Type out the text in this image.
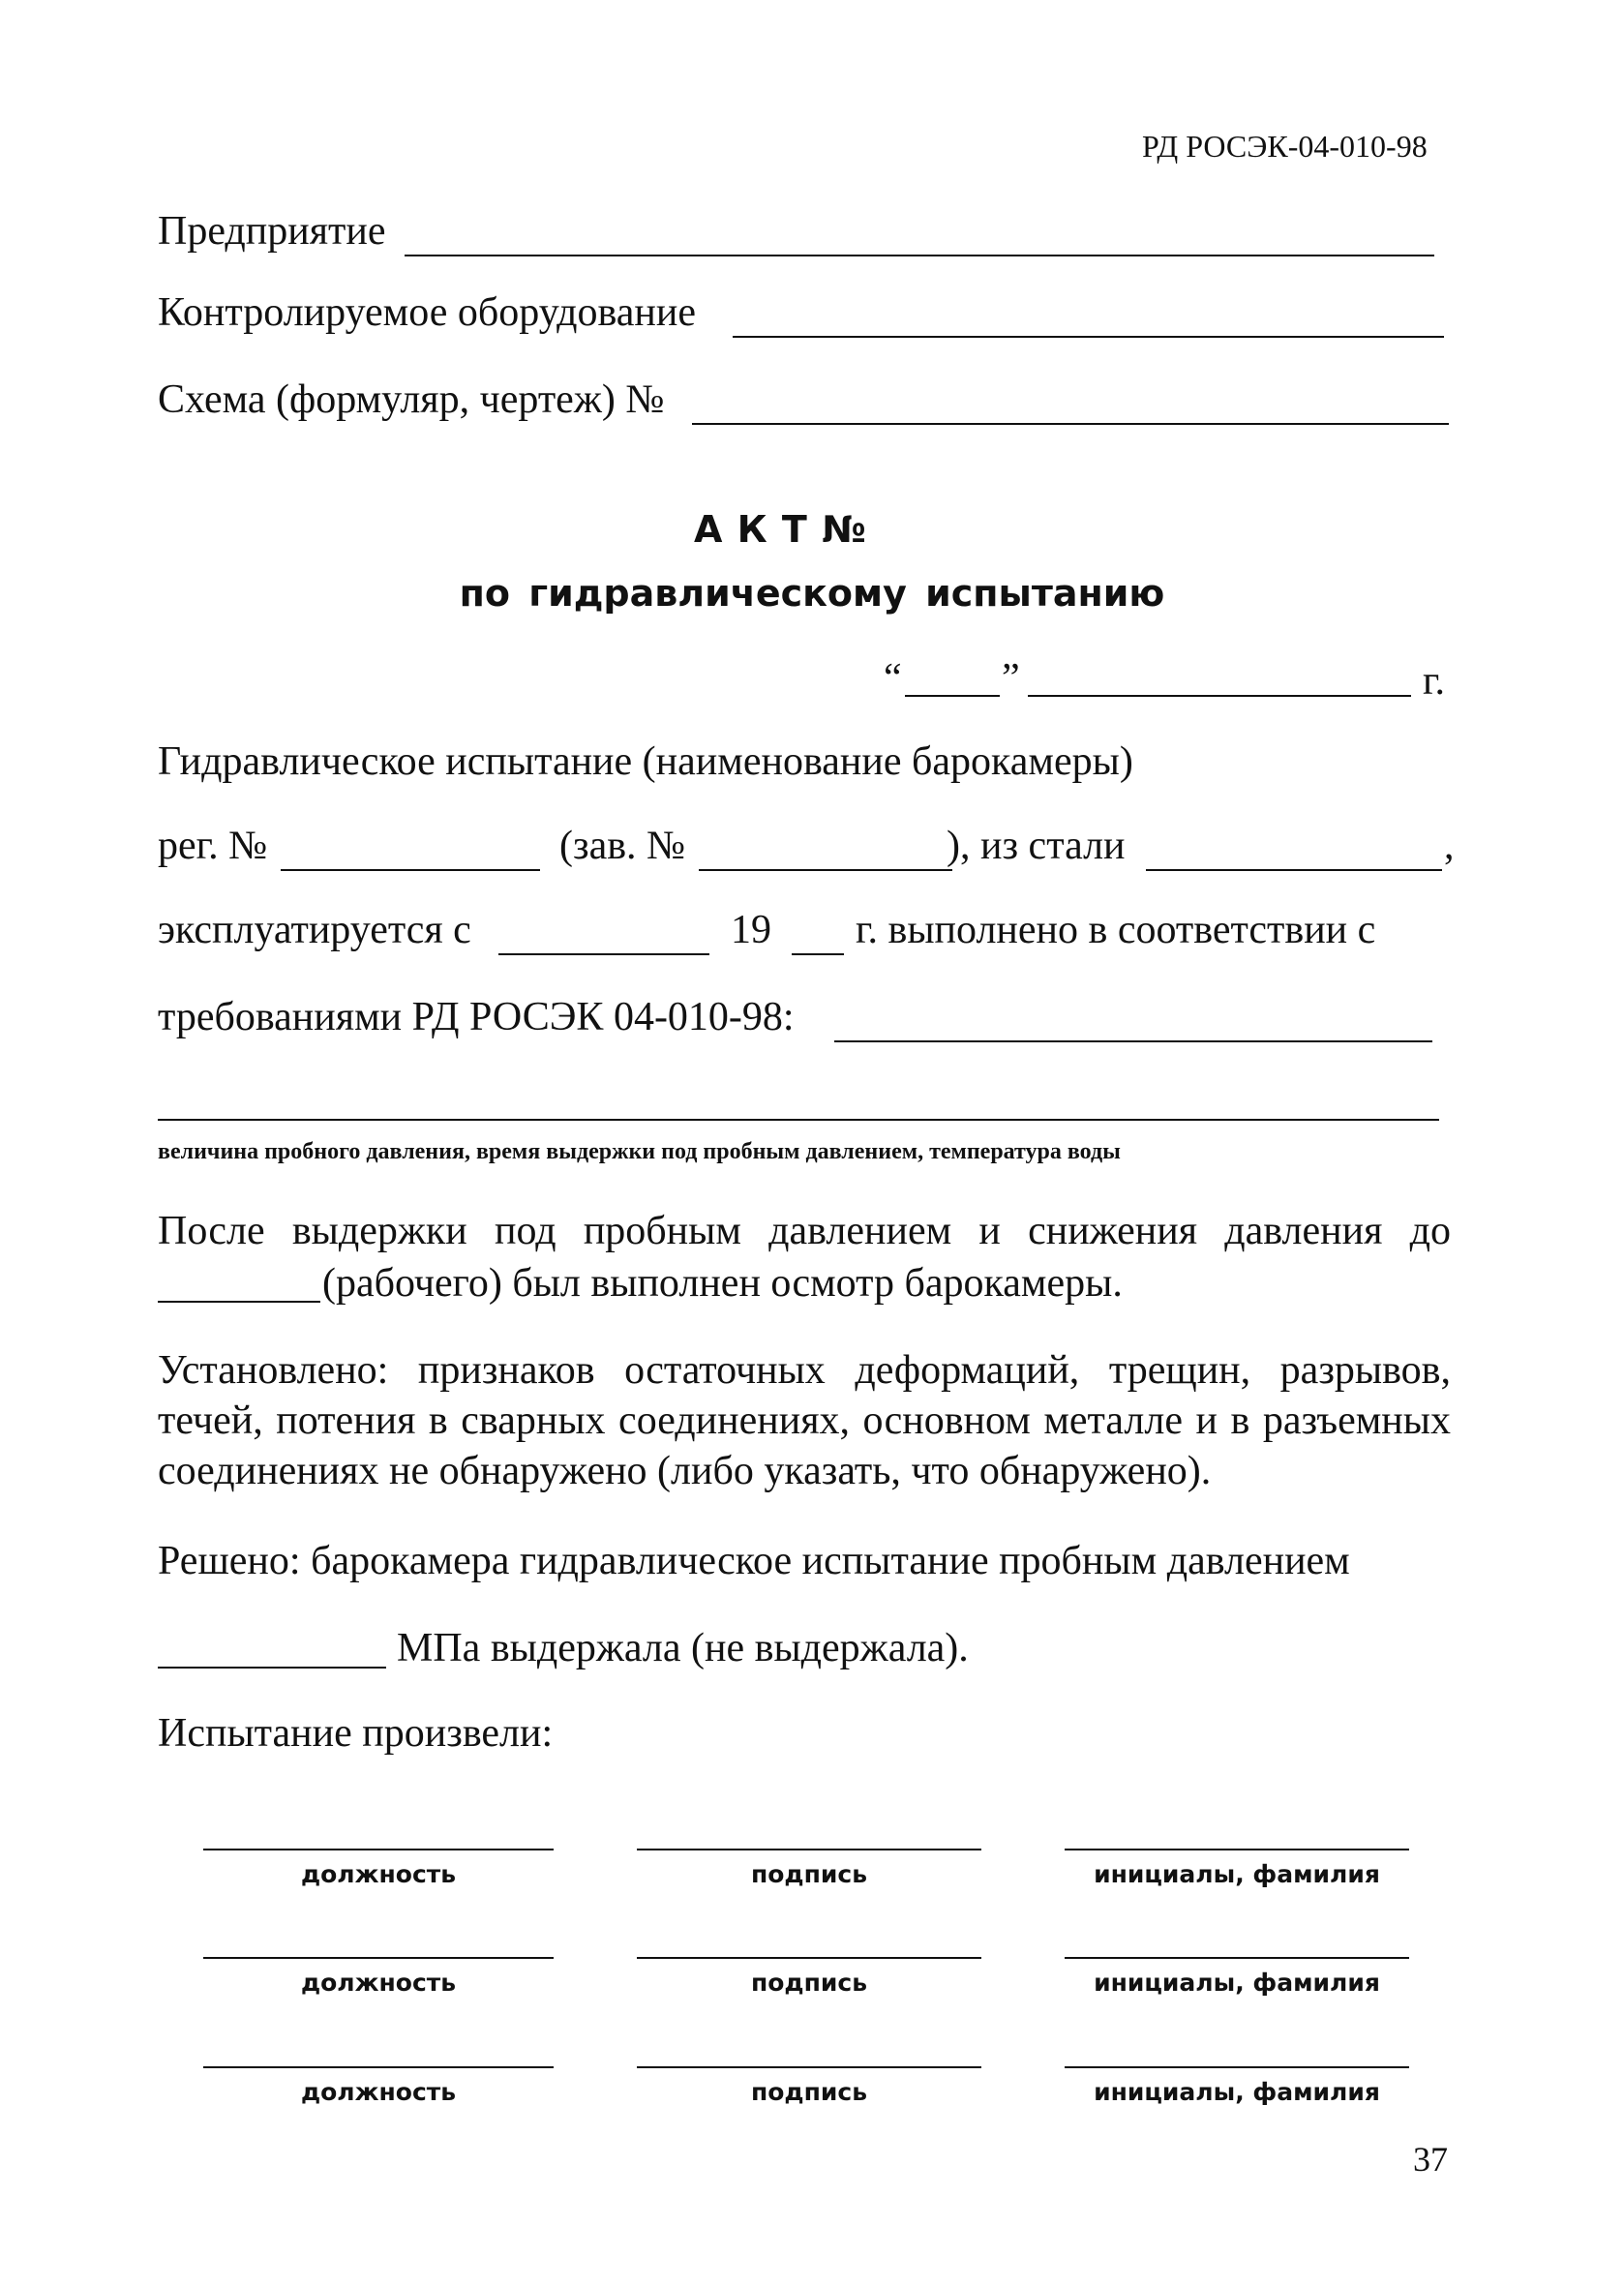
РД РОСЭК-04-010-98
Предприятие
Контролируемое оборудование
Схема (формуляр, чертеж) №
А К Т №
по гидравлическому испытанию
“ ”	г.
Гидравлическое испытание (наименование барокамеры)
рег. №	(зав. №	), из стали	,
эксплуатируется с	19 г. выполнено в соответствии с
требованиями РД РОСЭК 04-010-98:
величина пробного давления, время выдержки под пробным давлением, температура воды
После выдержки под пробным давлением и снижения давления до
(рабочего) был выполнен осмотр барокамеры.

Установлено: признаков остаточных деформаций, трещин, разрывов, течей, потения в сварных соединениях, основном металле и в разъемных соединениях не обнаружено (либо указать, что обнаружено).

Решено: барокамера гидравлическое испытание пробным давлением
МПа выдержала (не выдержала).
Испытание произвели:
должность	подпись	инициалы, фамилия
должность	подпись	инициалы, фамилия
должность	подпись	инициалы, фамилия
37
